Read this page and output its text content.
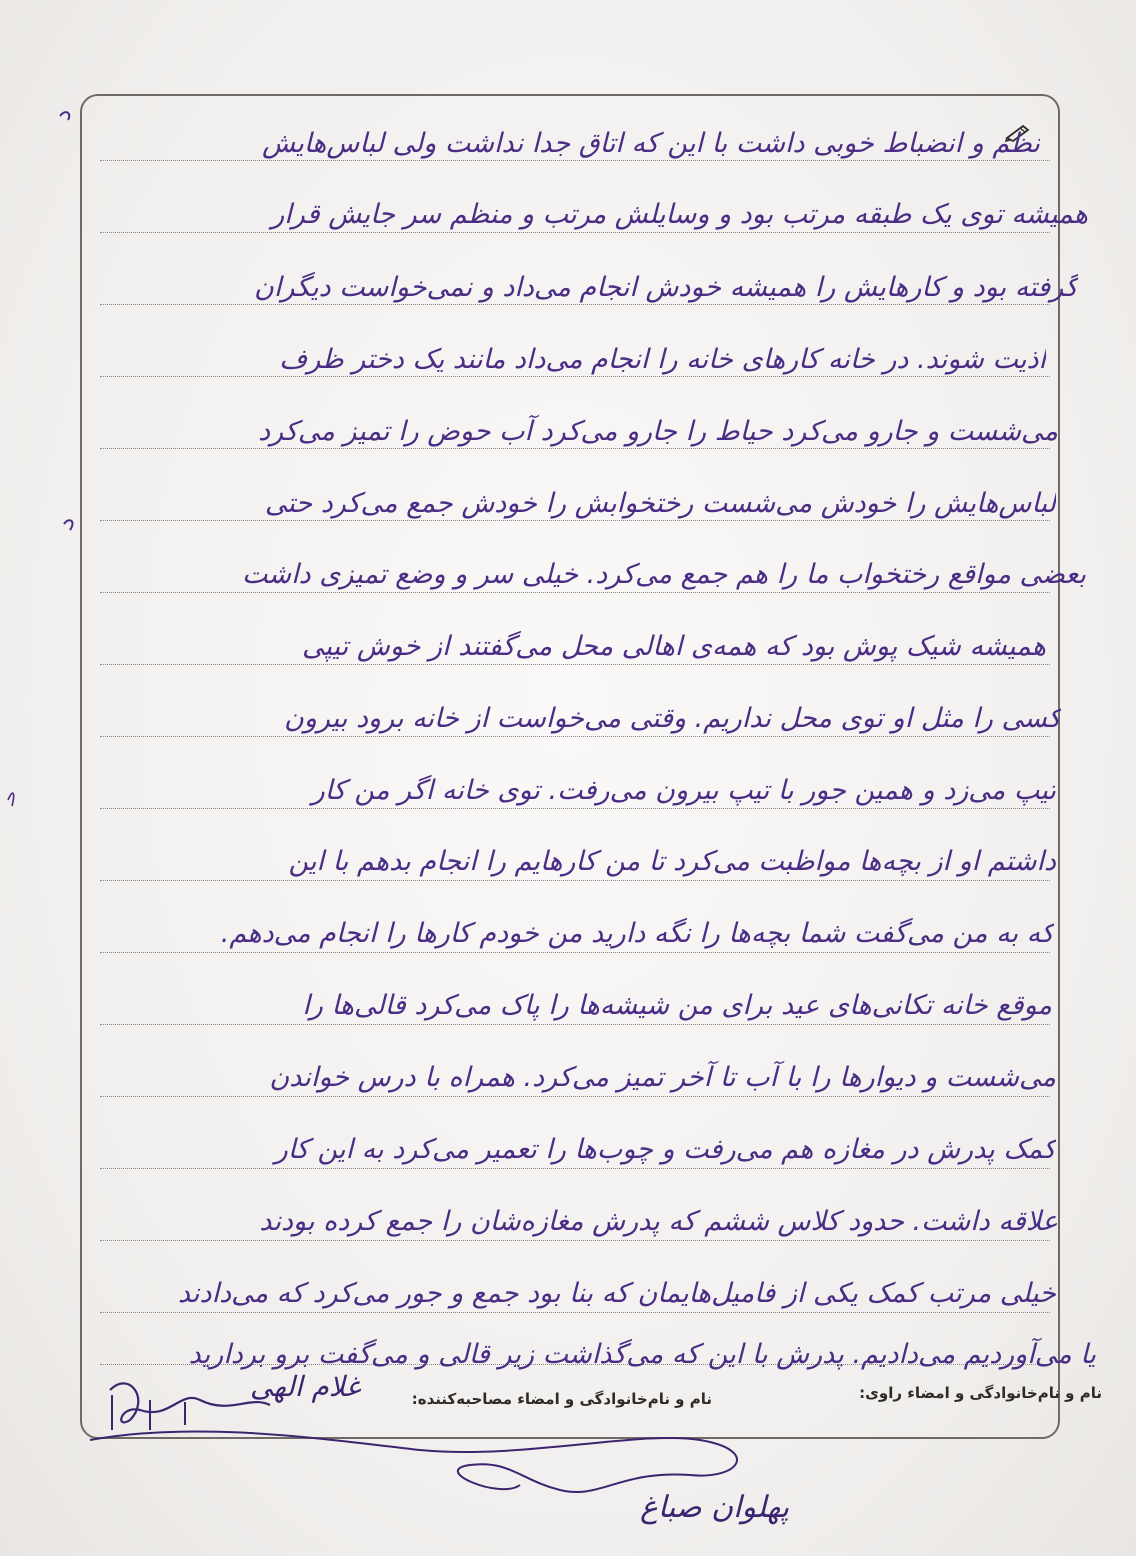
نظم و انضباط خوبی داشت با این که اتاق جدا نداشت ولی لباس‌هایش
همیشه توی یک طبقه مرتب بود و وسایلش مرتب و منظم سر جایش قرار
گرفته بود و کارهایش را همیشه خودش انجام می‌داد و نمی‌خواست دیگران
اذیت شوند. در خانه کارهای خانه را انجام می‌داد مانند یک دختر ظرف
می‌شست و جارو می‌کرد حیاط را جارو می‌کرد آب حوض را تمیز می‌کرد
لباس‌هایش را خودش می‌شست رختخوابش را خودش جمع می‌کرد حتی
بعضی مواقع رختخواب ما را هم جمع می‌کرد. خیلی سر و وضع تمیزی داشت
همیشه شیک پوش بود که همه‌ی اهالی محل می‌گفتند از خوش تیپی
کسی را مثل او توی محل نداریم. وقتی می‌خواست از خانه برود بیرون
تیپ می‌زد و همین جور با تیپ بیرون می‌رفت. توی خانه اگر من کار
داشتم او از بچه‌ها مواظبت می‌کرد تا من کارهایم را انجام بدهم با این
که به من می‌گفت شما بچه‌ها را نگه دارید من خودم کارها را انجام می‌دهم.
موقع خانه تکانی‌های عید برای من شیشه‌ها را پاک می‌کرد قالی‌ها را
می‌شست و دیوارها را با آب تا آخر تمیز می‌کرد. همراه با درس خواندن
کمک پدرش در مغازه هم می‌رفت و چوب‌ها را تعمیر می‌کرد به این کار
علاقه داشت. حدود کلاس ششم که پدرش مغازه‌شان را جمع کرده بودند
خیلی مرتب کمک یکی از فامیل‌هایمان که بنا بود جمع و جور می‌کرد که می‌دادند
یا می‌آوردیم می‌دادیم. پدرش با این که می‌گذاشت زیر قالی و می‌گفت برو بردارید
نام و نام‌خانوادگی و امضاء راوی:
نام و نام‌خانوادگی و امضاء مصاحبه‌کننده:
غلام الهی
پهلوان صباغ
